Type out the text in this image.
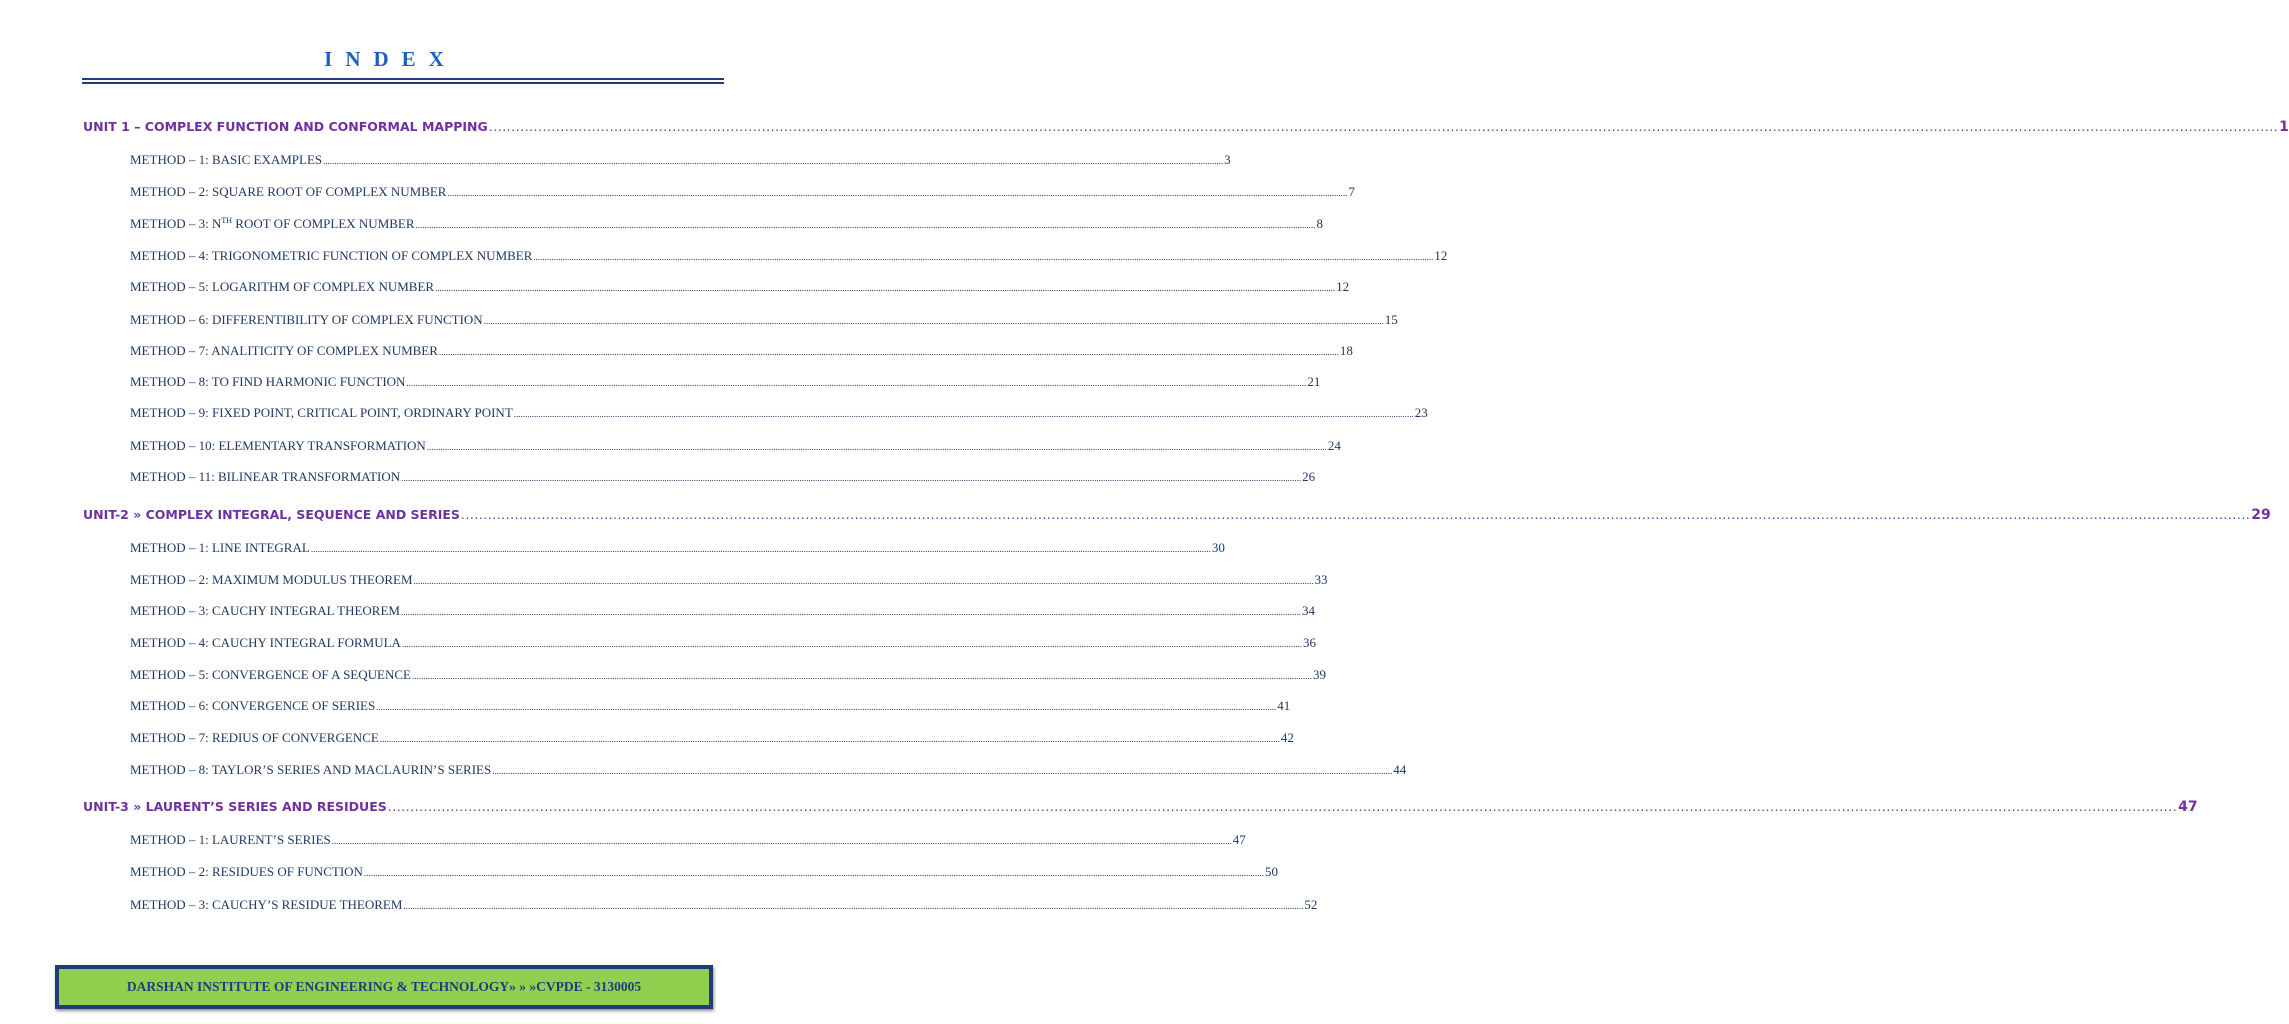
INDEX
UNIT 1 – COMPLEX FUNCTION AND CONFORMAL MAPPING ................................................................................................................................................................................................................................................................................................................................................................................................................ 1
METHOD – 1: BASIC EXAMPLES ................................................................................................................................................................................................................................................................................................................................................................................................................ 3
METHOD – 2: SQUARE ROOT OF COMPLEX NUMBER ................................................................................................................................................................................................................................................................................................................................................................................................................ 7
METHOD – 3: $N^{TH}$ ROOT OF COMPLEX NUMBER ................................................................................................................................................................................................................................................................................................................................................................................................................ 8
METHOD – 4: TRIGONOMETRIC FUNCTION OF COMPLEX NUMBER ................................................................................................................................................................................................................................................................................................................................................................................................................ 12
METHOD – 5: LOGARITHM OF COMPLEX NUMBER ................................................................................................................................................................................................................................................................................................................................................................................................................ 12
METHOD – 6: DIFFERENTIBILITY OF COMPLEX FUNCTION ................................................................................................................................................................................................................................................................................................................................................................................................................ 15
METHOD – 7: ANALITICITY OF COMPLEX NUMBER ................................................................................................................................................................................................................................................................................................................................................................................................................ 18
METHOD – 8: TO FIND HARMONIC FUNCTION ................................................................................................................................................................................................................................................................................................................................................................................................................ 21
METHOD – 9: FIXED POINT, CRITICAL POINT, ORDINARY POINT ................................................................................................................................................................................................................................................................................................................................................................................................................ 23
METHOD – 10: ELEMENTARY TRANSFORMATION ................................................................................................................................................................................................................................................................................................................................................................................................................ 24
METHOD – 11: BILINEAR TRANSFORMATION ................................................................................................................................................................................................................................................................................................................................................................................................................ 26
UNIT-2 » COMPLEX INTEGRAL, SEQUENCE AND SERIES ................................................................................................................................................................................................................................................................................................................................................................................................................ 29
METHOD – 1: LINE INTEGRAL ................................................................................................................................................................................................................................................................................................................................................................................................................ 30
METHOD – 2: MAXIMUM MODULUS THEOREM ................................................................................................................................................................................................................................................................................................................................................................................................................ 33
METHOD – 3: CAUCHY INTEGRAL THEOREM ................................................................................................................................................................................................................................................................................................................................................................................................................ 34
METHOD – 4: CAUCHY INTEGRAL FORMULA ................................................................................................................................................................................................................................................................................................................................................................................................................ 36
METHOD – 5: CONVERGENCE OF A SEQUENCE ................................................................................................................................................................................................................................................................................................................................................................................................................ 39
METHOD – 6: CONVERGENCE OF SERIES ................................................................................................................................................................................................................................................................................................................................................................................................................ 41
METHOD – 7: REDIUS OF CONVERGENCE ................................................................................................................................................................................................................................................................................................................................................................................................................ 42
METHOD – 8: TAYLOR’S SERIES AND MACLAURIN’S SERIES ................................................................................................................................................................................................................................................................................................................................................................................................................ 44
UNIT-3 » LAURENT’S SERIES AND RESIDUES ................................................................................................................................................................................................................................................................................................................................................................................................................ 47
METHOD – 1: LAURENT’S SERIES ................................................................................................................................................................................................................................................................................................................................................................................................................ 47
METHOD – 2: RESIDUES OF FUNCTION ................................................................................................................................................................................................................................................................................................................................................................................................................ 50
METHOD – 3: CAUCHY’S RESIDUE THEOREM ................................................................................................................................................................................................................................................................................................................................................................................................................ 52
DARSHAN INSTITUTE OF ENGINEERING & TECHNOLOGY » » » CVPDE - 3130005
